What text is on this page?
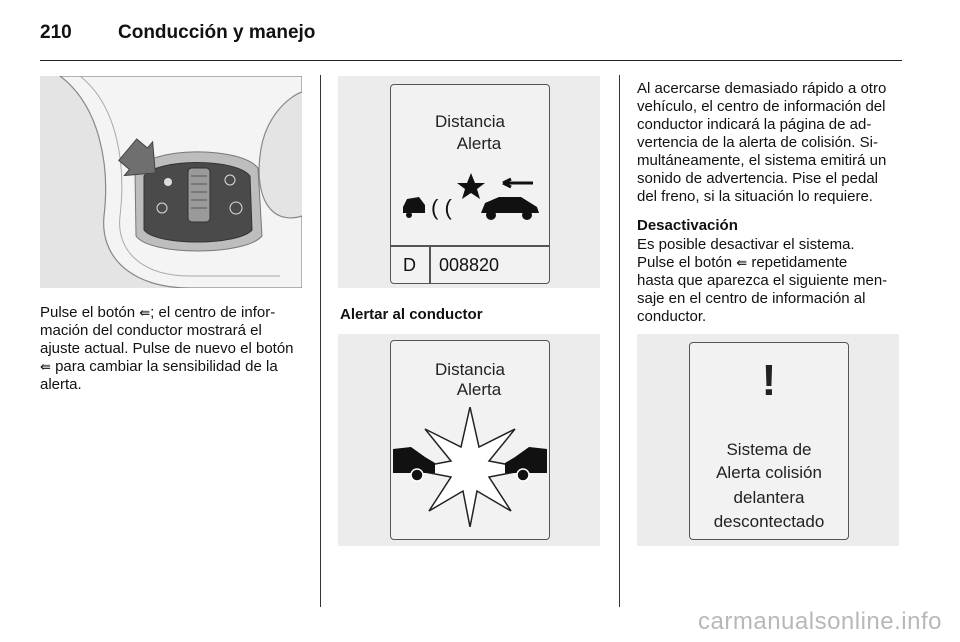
210 Conducción y manejo

Pulse el botón ⇚; el centro de infor-
mación del conductor mostrará el
ajuste actual. Pulse de nuevo el botón
⇚ para cambiar la sensibilidad de la
alerta.

Distancia
Alerta
( (
D 008820
Alertar al conductor
Distancia
Alerta

Al acercarse demasiado rápido a otro
vehículo, el centro de información del
conductor indicará la página de ad-
vertencia de la alerta de colisión. Si-
multáneamente, el sistema emitirá un
sonido de advertencia. Pise el pedal
del freno, si la situación lo requiere.

Desactivación

Es posible desactivar el sistema.
Pulse el botón ⇚ repetidamente
hasta que aparezca el siguiente men-
saje en el centro de información al
conductor.

!
Sistema de
Alerta colisión
delantera
descontectado
carmanualsonline.info
